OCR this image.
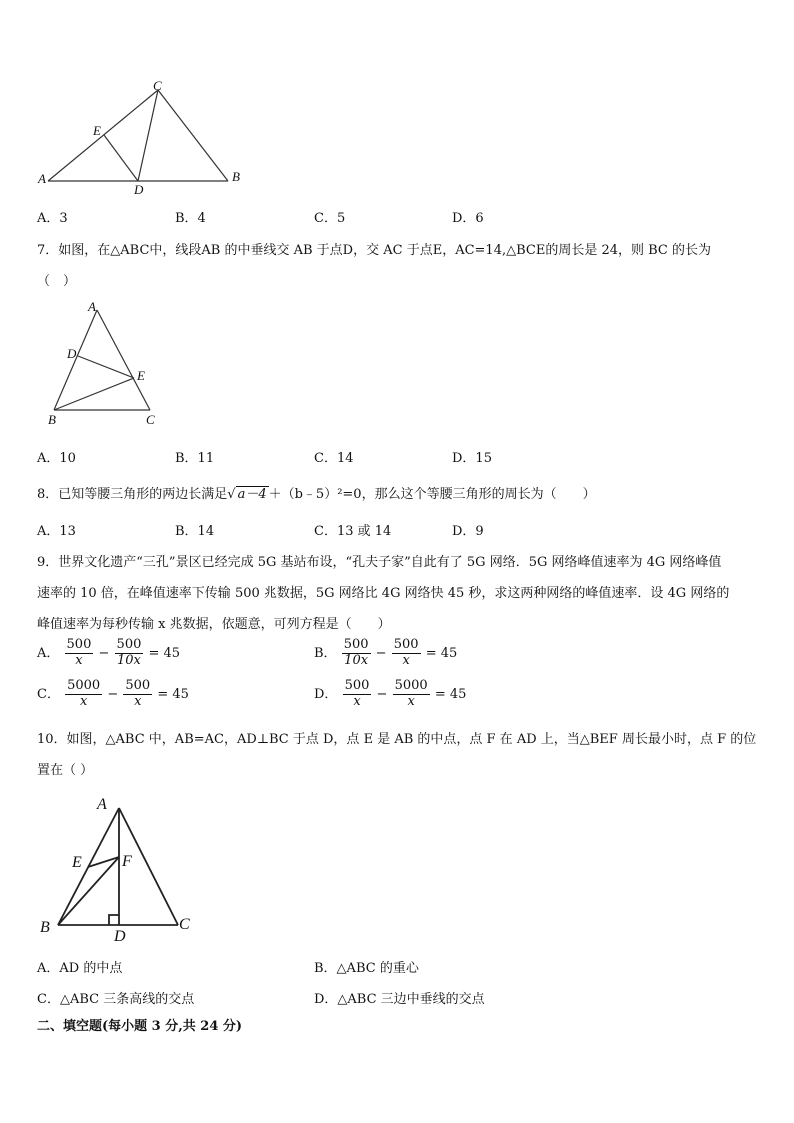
A	B
C
D
E
A．3	B．4	C．5	D．6
7．如图，在△ABC中，线段AB 的中垂线交 AB 于点D，交 AC 于点E，AC=14,△BCE的周长是 24，则 BC 的长为
（　）
A
B	C
D
E
A．10	B．11	C．14	D．15
8．已知等腰三角形的两边长满足√ a－4 ＋（b﹣5）²=0，那么这个等腰三角形的周长为（　　）
A．13	B．14	C．13 或 14	D．9
9．世界文化遗产“三孔”景区已经完成 5G 基站布设，“孔夫子家”自此有了 5G 网络．5G 网络峰值速率为 4G 网络峰值
速率的 10 倍，在峰值速率下传输 500 兆数据，5G 网络比 4G 网络快 45 秒，求这两种网络的峰值速率．设 4G 网络的
峰值速率为每秒传输 x 兆数据，依题意，可列方程是（　　）
A． $\frac{500}{x} - \frac{500}{10x} = 45$	B． $\frac{500}{10x} - \frac{500}{x} = 45$
C． $\frac{5000}{x} - \frac{500}{x} = 45$	D． $\frac{500}{x} - \frac{5000}{x} = 45$
10．如图，△ABC 中，AB=AC，AD⊥BC 于点 D，点 E 是 AB 的中点，点 F 在 AD 上，当△BEF 周长最小时，点 F 的位
置在（ ）
A
B	C
D
E	F
A．AD 的中点	B．△ABC 的重心
C．△ABC 三条高线的交点	D．△ABC 三边中垂线的交点
二、填空题(每小题 3 分,共 24 分)
